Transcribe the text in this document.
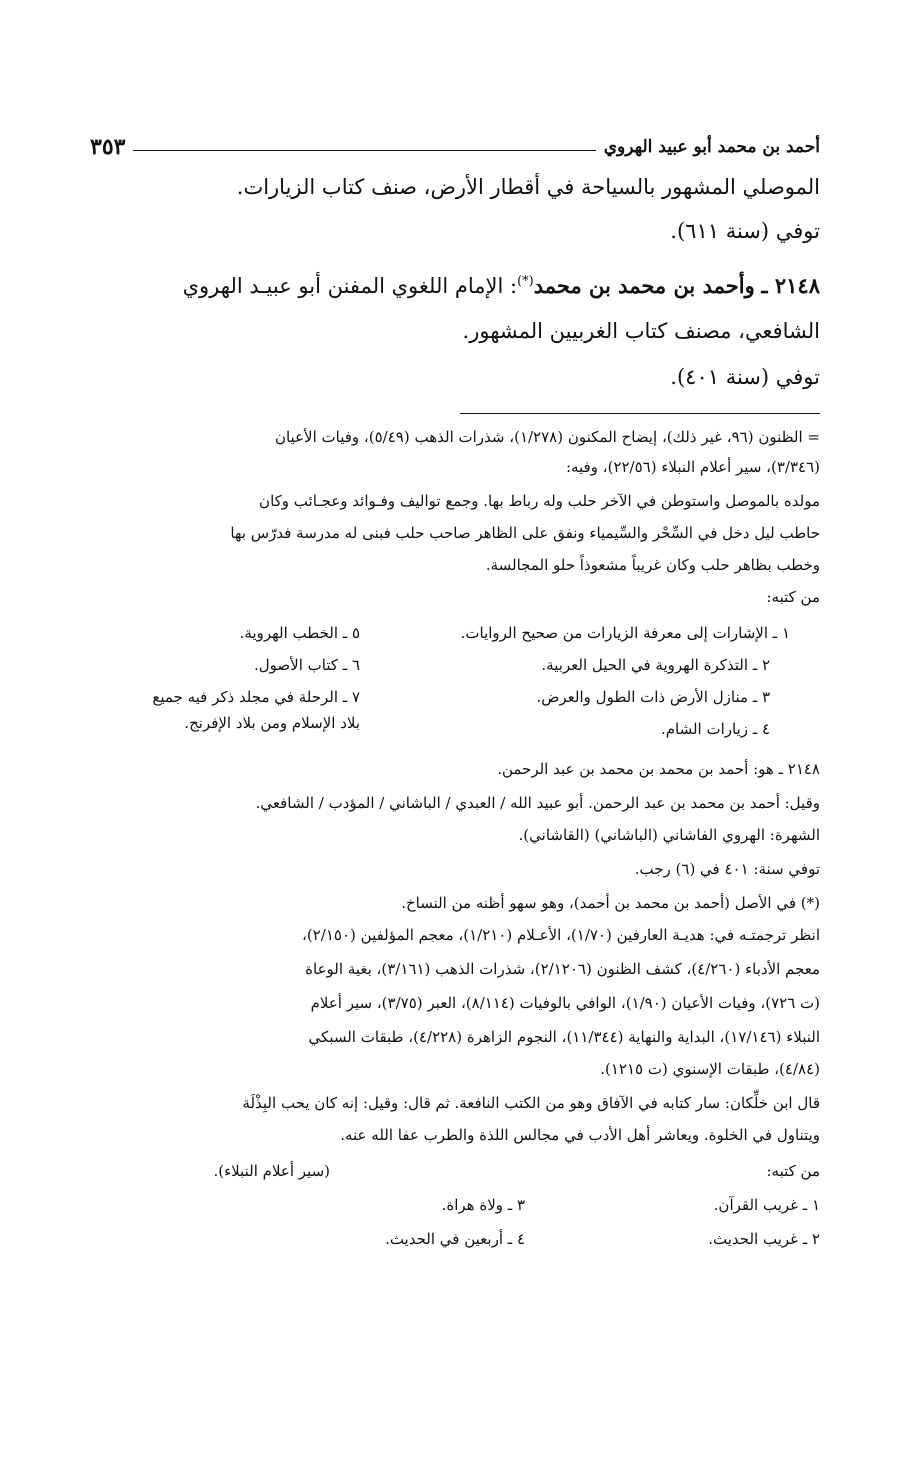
أحمد بن محمد أبو عبيد الهروي
٣٥٣
الموصلي المشهور بالسياحة في أقطار الأرض، صنف كتاب الزيارات.
توفي (سنة ٦١١).
٢١٤٨ ـ وأحمد بن محمد بن محمد(*): الإمام اللغوي المفنن أبو عبيـد الهروي
الشافعي، مصنف كتاب الغربيين المشهور.
توفي (سنة ٤٠١).
= الظنون (٩٦، غير ذلك)، إيضاح المكنون (١/٢٧٨)، شذرات الذهب (٥/٤٩)، وفيات الأعيان
(٣/٣٤٦)، سير أعلام النبلاء (٢٢/٥٦)، وفيه:
مولده بالموصل واستوطن في الآخر حلب وله رباط بها. وجمع تواليف وفـوائد وعجـائب وكان
حاطب ليل دخل في السِّحْر والسِّيمياء ونفق على الظاهر صاحب حلب فبنى له مدرسة فدرّس بها
وخطب بظاهر حلب وكان غريباً مشعوذاً حلو المجالسة.
من كتبه:
١ ـ الإشارات إلى معرفة الزيارات من صحيح الروايات.
٢ ـ التذكرة الهروية في الحيل العربية.
٣ ـ منازل الأرض ذات الطول والعرض.
٤ ـ زيارات الشام.
٥ ـ الخطب الهروية.
٦ ـ كتاب الأصول.
٧ ـ الرحلة في مجلد ذكر فيه جميع
بلاد الإسلام ومن بلاد الإفرنج.
٢١٤٨ ـ هو: أحمد بن محمد بن محمد بن عبد الرحمن.
وقيل: أحمد بن محمد بن عبد الرحمن. أبو عبيد الله / العبدي / الباشاني / المؤدب / الشافعي.
الشهرة: الهروي الفاشاني (الباشاني) (القاشاني).
توفي سنة: ٤٠١ في (٦) رجب.
(*) في الأصل (أحمد بن محمد بن أحمد)، وهو سهو أظنه من النساخ.
انظر ترجمتـه في: هديـة العارفين (١/٧٠)، الأعـلام (١/٢١٠)، معجم المؤلفين (٢/١٥٠)،
معجم الأدباء (٤/٢٦٠)، كشف الظنون (٢/١٢٠٦)، شذرات الذهب (٣/١٦١)، بغية الوعاة
(ت ٧٢٦)، وفيات الأعيان (١/٩٠)، الوافي بالوفيات (٨/١١٤)، العبر (٣/٧٥)، سير أعلام
النبلاء (١٧/١٤٦)، البداية والنهاية (١١/٣٤٤)، النجوم الزاهرة (٤/٢٢٨)، طبقات السبكي
(٤/٨٤)، طبقات الإسنوي (ت ١٢١٥).
قال ابن خلِّكان: سار كتابه في الآفاق وهو من الكتب النافعة. ثم قال: وقيل: إنه كان يحب البِذْلَة
ويتناول في الخلوة. ويعاشر أهل الأدب في مجالس اللذة والطرب عفا الله عنه.
من كتبه:
(سير أعلام النبلاء).
١ ـ غريب القرآن.
٢ ـ غريب الحديث.
٣ ـ ولاة هراة.
٤ ـ أربعين في الحديث.
